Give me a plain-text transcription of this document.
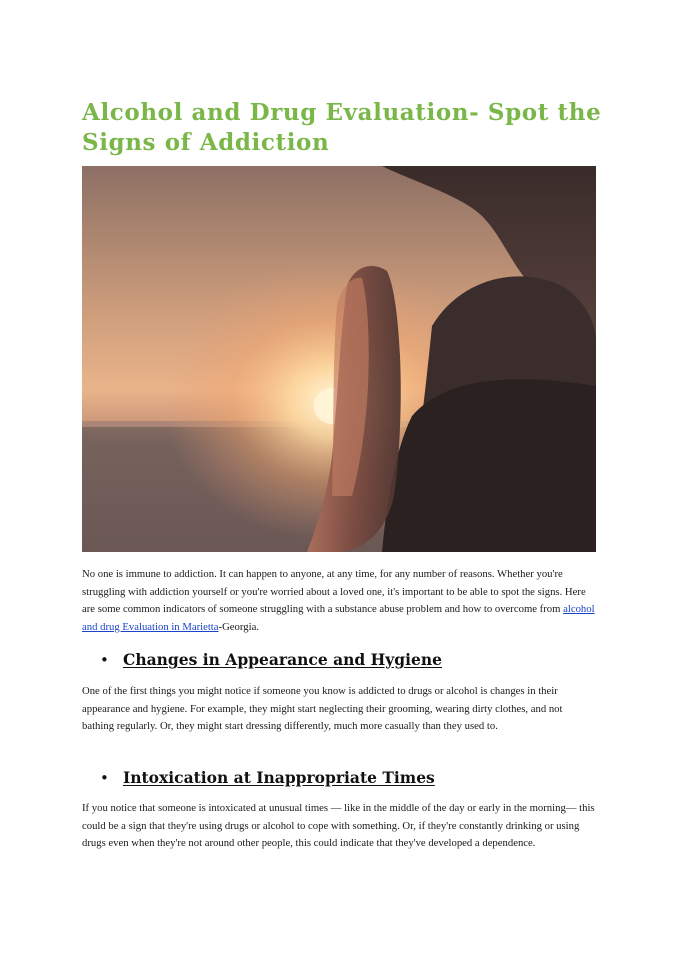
Alcohol and Drug Evaluation- Spot the Signs of Addiction

No one is immune to addiction. It can happen to anyone, at any time, for any number of reasons. Whether you're struggling with addiction yourself or you're worried about a loved one, it's important to be able to spot the signs. Here are some common indicators of someone struggling with a substance abuse problem and how to overcome from alcohol and drug Evaluation in Marietta-Georgia.

• Changes in Appearance and Hygiene

One of the first things you might notice if someone you know is addicted to drugs or alcohol is changes in their appearance and hygiene. For example, they might start neglecting their grooming, wearing dirty clothes, and not bathing regularly. Or, they might start dressing differently, much more casually than they used to.

• Intoxication at Inappropriate Times

If you notice that someone is intoxicated at unusual times — like in the middle of the day or early in the morning— this could be a sign that they're using drugs or alcohol to cope with something. Or, if they're constantly drinking or using drugs even when they're not around other people, this could indicate that they've developed a dependence.
